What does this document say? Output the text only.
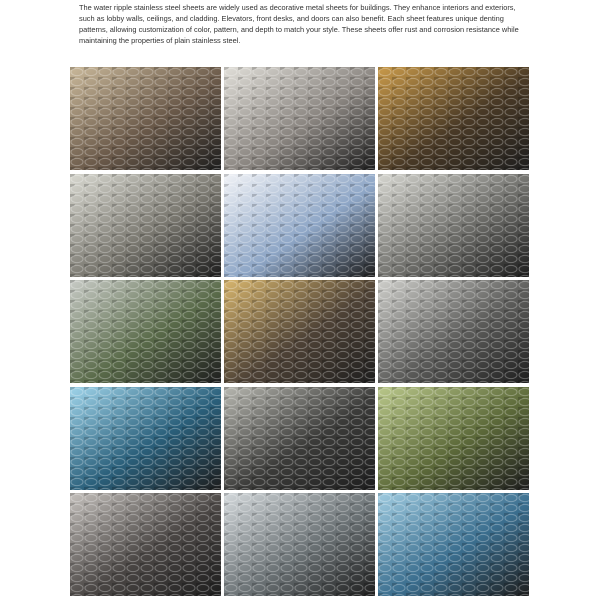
The water ripple stainless steel sheets are widely used as decorative metal sheets for buildings. They enhance interiors and exteriors, such as lobby walls, ceilings, and cladding. Elevators, front desks, and doors can also benefit. Each sheet features unique denting patterns, allowing customization of color, pattern, and depth to match your style. These sheets offer rust and corrosion resistance while maintaining the properties of plain stainless steel.
